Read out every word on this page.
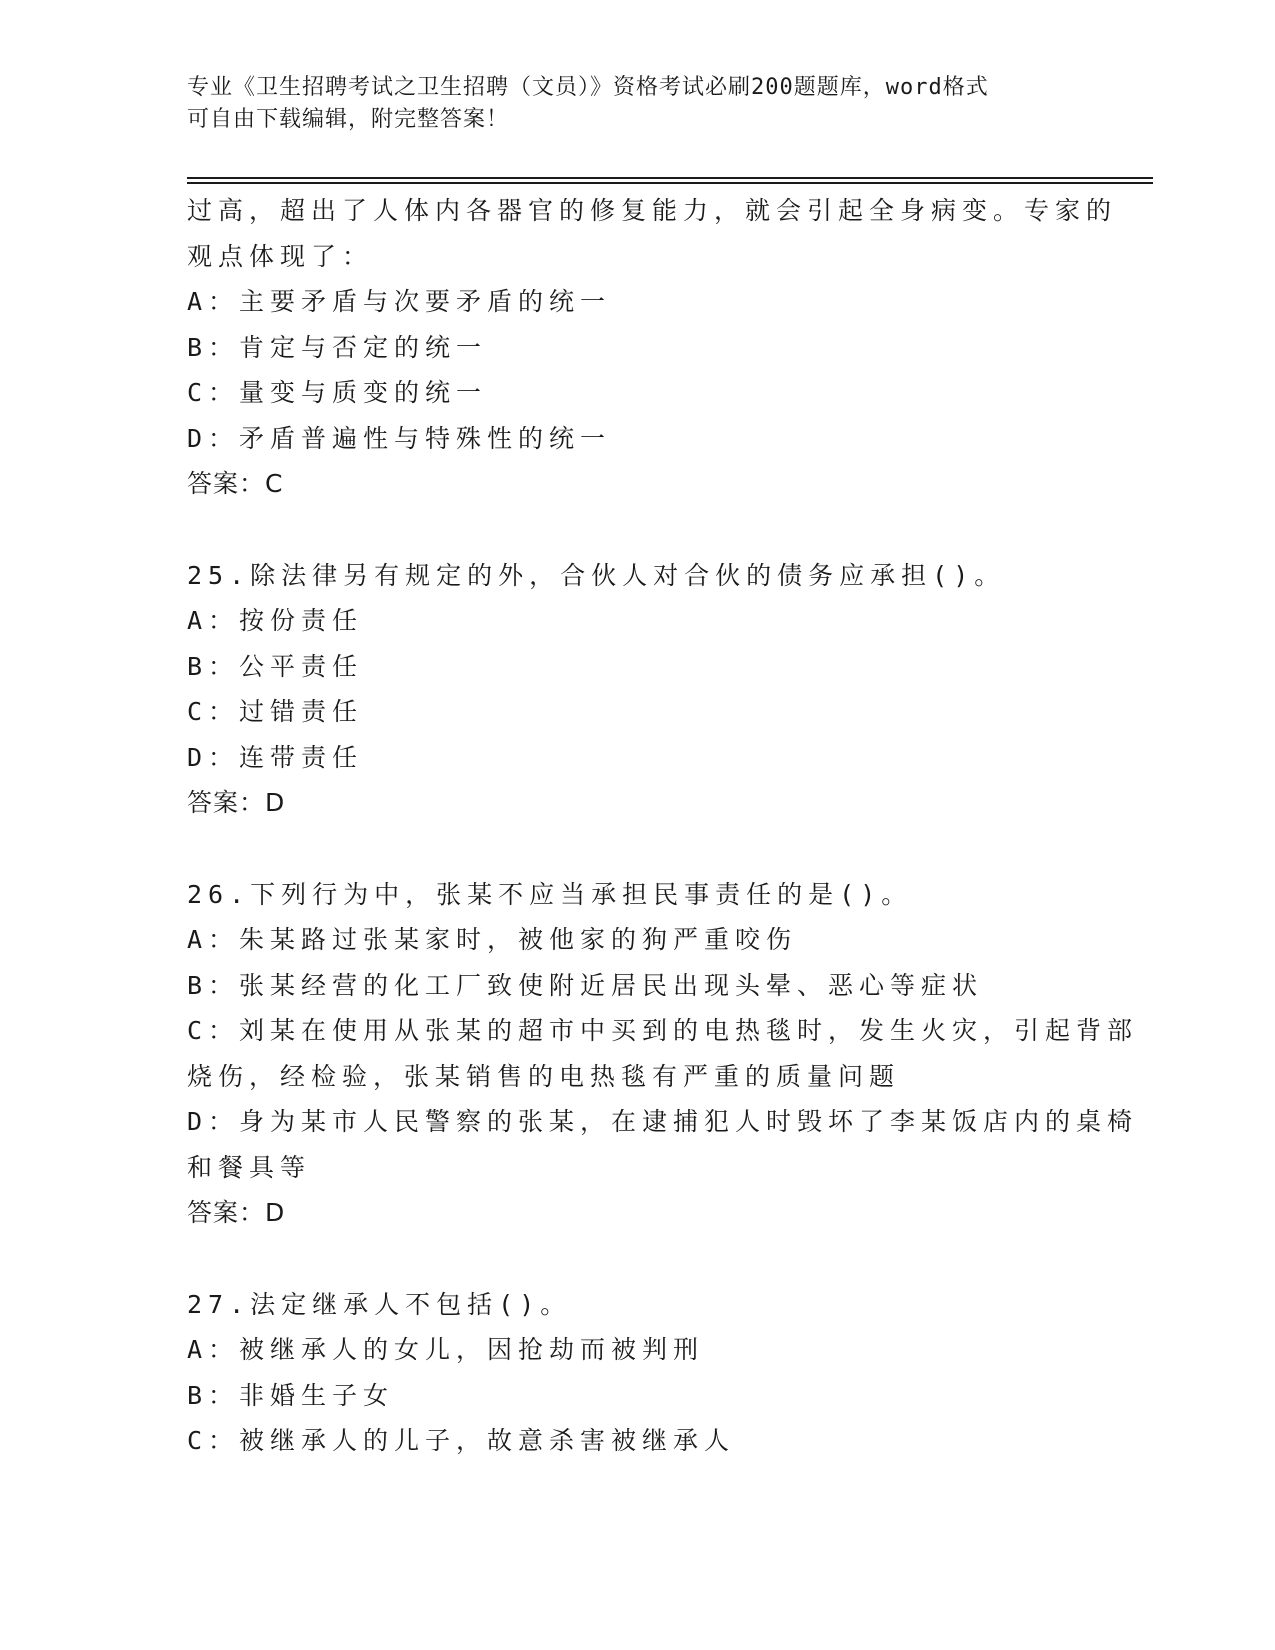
专业《卫生招聘考试之卫生招聘（文员）》资格考试必刷200题题库，word格式
可自由下载编辑，附完整答案！
过高，超出了人体内各器官的修复能力，就会引起全身病变。专家的
观点体现了：
A：主要矛盾与次要矛盾的统一
B：肯定与否定的统一
C：量变与质变的统一
D：矛盾普遍性与特殊性的统一
答案：C
25.除法律另有规定的外，合伙人对合伙的债务应承担()。
A：按份责任
B：公平责任
C：过错责任
D：连带责任
答案：D
26.下列行为中，张某不应当承担民事责任的是()。
A：朱某路过张某家时，被他家的狗严重咬伤
B：张某经营的化工厂致使附近居民出现头晕、恶心等症状
C：刘某在使用从张某的超市中买到的电热毯时，发生火灾，引起背部
烧伤，经检验，张某销售的电热毯有严重的质量问题
D：身为某市人民警察的张某，在逮捕犯人时毁坏了李某饭店内的桌椅
和餐具等
答案：D
27.法定继承人不包括()。
A：被继承人的女儿，因抢劫而被判刑
B：非婚生子女
C：被继承人的儿子，故意杀害被继承人
